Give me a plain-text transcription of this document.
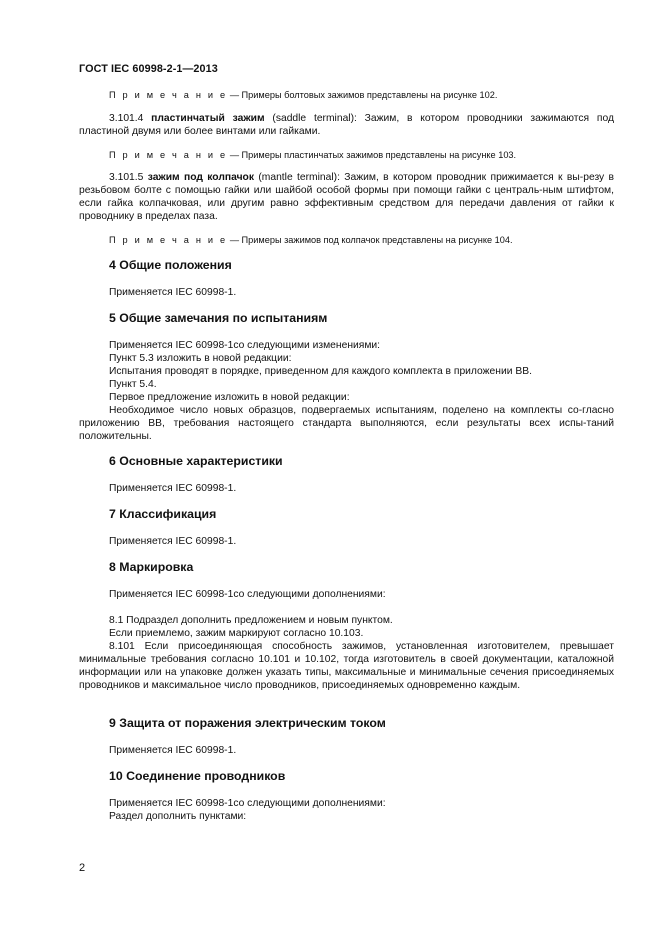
ГОСТ IEC 60998-2-1—2013

П р и м е ч а н и е — Примеры болтовых зажимов представлены на рисунке 102.

3.101.4 пластинчатый зажим (saddle terminal): Зажим, в котором проводники зажимаются под пластиной двумя или более винтами или гайками.

П р и м е ч а н и е — Примеры пластинчатых зажимов представлены на рисунке 103.

3.101.5 зажим под колпачок (mantle terminal): Зажим, в котором проводник прижимается к вы-резу в резьбовом болте с помощью гайки или шайбой особой формы при помощи гайки с централь-ным штифтом, если гайка колпачковая, или другим равно эффективным средством для передачи давления от гайки к проводнику в пределах паза.

П р и м е ч а н и е — Примеры зажимов под колпачок представлены на рисунке 104.

4 Общие положения

Применяется IEC 60998-1.

5 Общие замечания по испытаниям

Применяется IEC 60998-1со следующими изменениями:

Пункт 5.3 изложить в новой редакции:

Испытания проводят в порядке, приведенном для каждого комплекта в приложении ВВ.

Пункт 5.4.

Первое предложение изложить в новой редакции:

Необходимое число новых образцов, подвергаемых испытаниям, поделено на комплекты со-гласно приложению ВВ, требования настоящего стандарта выполняются, если результаты всех испы-таний положительны.

6 Основные характеристики

Применяется IEC 60998-1.

7 Классификация

Применяется IEC 60998-1.

8 Маркировка

Применяется IEC 60998-1со следующими дополнениями:

8.1 Подраздел дополнить предложением и новым пунктом.

Если приемлемо, зажим маркируют согласно 10.103.

8.101 Если присоединяющая способность зажимов, установленная изготовителем, превышает минимальные требования согласно 10.101 и 10.102, тогда изготовитель в своей документации, каталожной информации или на упаковке должен указать типы, максимальные и минимальные сечения присоединяемых проводников и максимальное число проводников, присоединяемых одновременно каждым.

9 Защита от поражения электрическим током

Применяется IEC 60998-1.

10 Соединение проводников

Применяется IEC 60998-1со следующими дополнениями:

Раздел дополнить пунктами:

2
